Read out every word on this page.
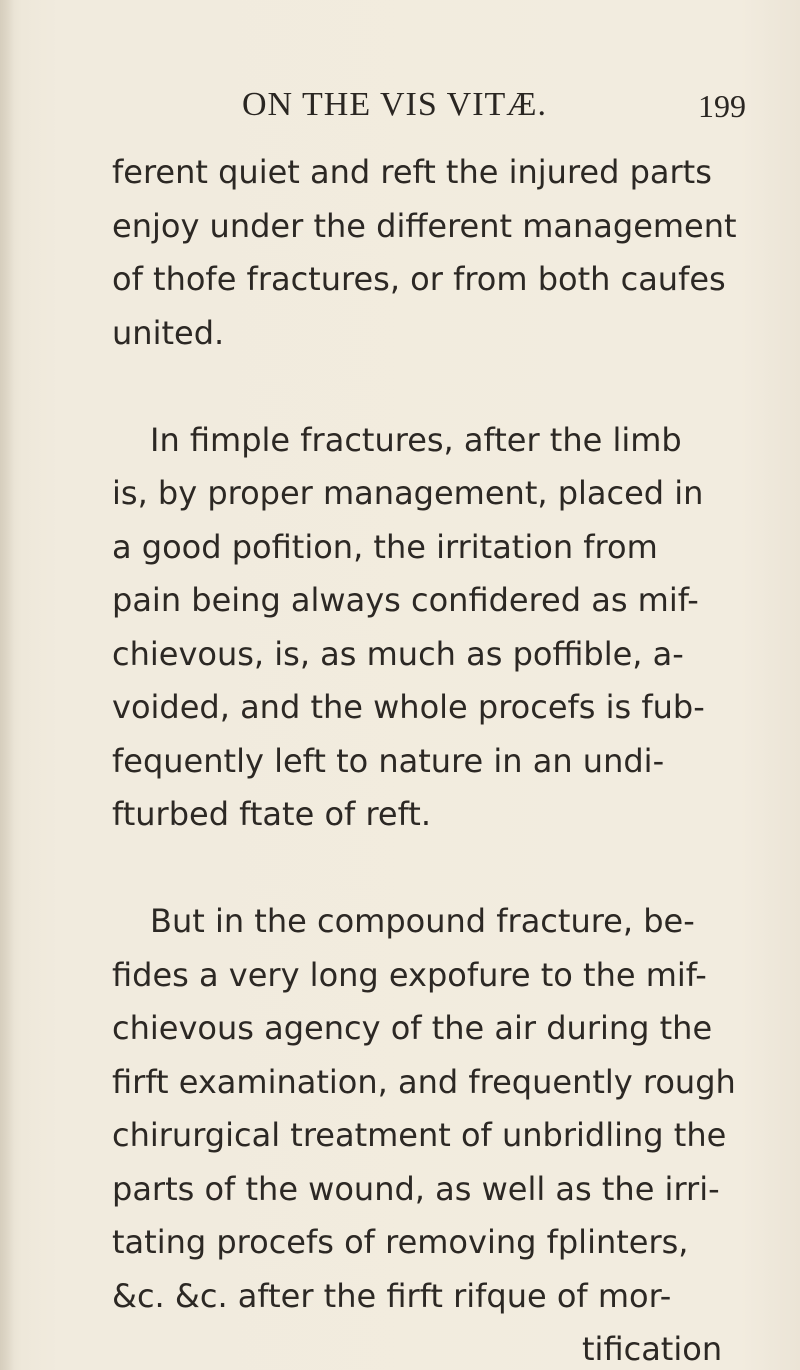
ON THE VIS VITÆ.	199
ferent quiet and reft the injured parts
enjoy under the different management
of thofe fractures, or from both caufes
united.
In fimple fractures, after the limb
is, by proper management, placed in
a good pofition, the irritation from
pain being always confidered as mif-
chievous, is, as much as poffible, a-
voided, and the whole procefs is fub-
fequently left to nature in an undi-
fturbed ftate of reft.
But in the compound fracture, be-
fides a very long expofure to the mif-
chievous agency of the air during the
firft examination, and frequently rough
chirurgical treatment of unbridling the
parts of the wound, as well as the irri-
tating procefs of removing fplinters,
&c. &c. after the firft rifque of mor-
tification
